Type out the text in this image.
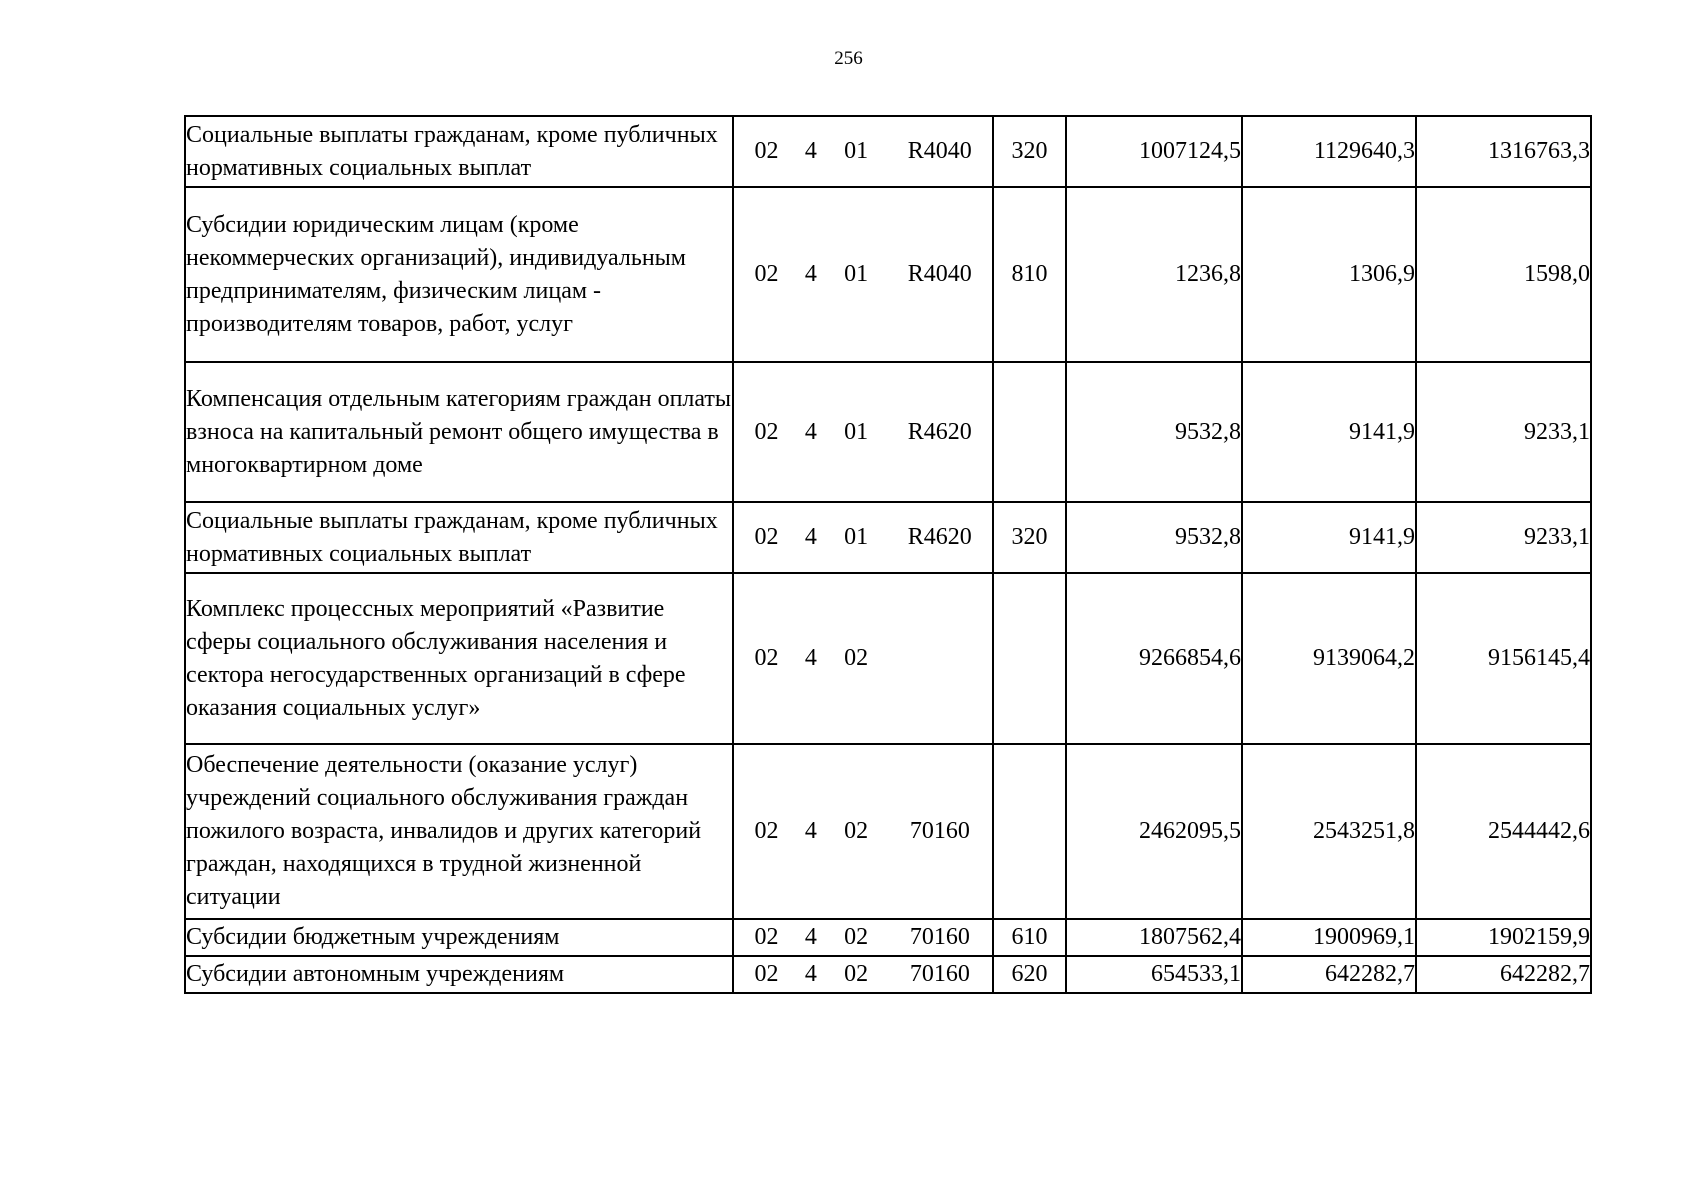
256
Социальные выплаты гражданам, кроме публичных нормативных социальных выплат	02 4 01 R4040	320	1007124,5	1129640,3	1316763,3
Субсидии юридическим лицам (кроме некоммерческих организаций), индивидуальным предпринимателям, физическим лицам - производителям товаров, работ, услуг	02 4 01 R4040	810	1236,8	1306,9	1598,0
Компенсация отдельным категориям граждан оплаты взноса на капитальный ремонт общего имущества в многоквартирном доме	02 4 01 R4620		9532,8	9141,9	9233,1
Социальные выплаты гражданам, кроме публичных нормативных социальных выплат	02 4 01 R4620	320	9532,8	9141,9	9233,1
Комплекс процессных мероприятий «Развитие сферы социального обслуживания населения и сектора негосударственных организаций в сфере оказания социальных услуг»	02 4 02		9266854,6	9139064,2	9156145,4
Обеспечение деятельности (оказание услуг) учреждений социального обслуживания граждан пожилого возраста, инвалидов и других категорий граждан, находящихся в трудной жизненной ситуации	02 4 02 70160		2462095,5	2543251,8	2544442,6
Субсидии бюджетным учреждениям	02 4 02 70160	610	1807562,4	1900969,1	1902159,9
Субсидии автономным учреждениям	02 4 02 70160	620	654533,1	642282,7	642282,7
